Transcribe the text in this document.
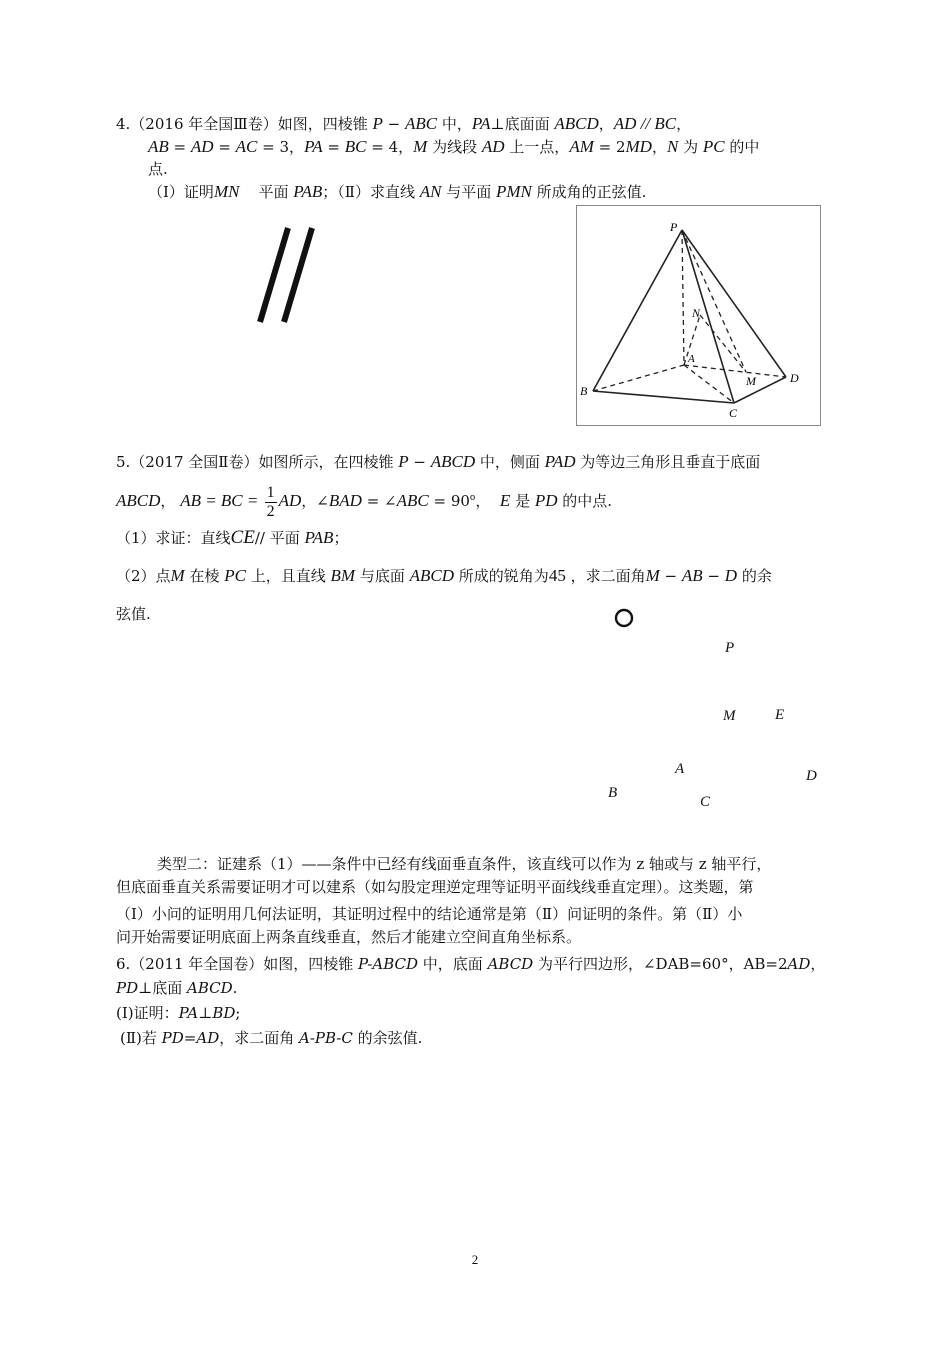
4.（2016 年全国Ⅲ卷）如图，四棱锥 P − ABC 中，PA⊥底面面 ABCD，AD // BC，
AB = AD = AC = 3，PA = BC = 4，M 为线段 AD 上一点，AM = 2MD，N 为 PC 的中
点.
（Ⅰ）证明MN    平面 PAB；（Ⅱ）求直线 AN 与平面 PMN 所成角的正弦值.
P
N
A
M	D
B
C
5.（2017 全国Ⅱ卷）如图所示，在四棱锥 P − ABCD 中，侧面 PAD 为等边三角形且垂直于底面
ABCD， AB = BC = $\frac{1}{2}$ AD，∠BAD = ∠ABC = $90^o$， E 是 PD 的中点.
（1）求证：直线CE// 平面 PAB；
（2）点M 在棱 PC 上，且直线 BM 与底面 ABCD 所成的锐角为45 ，求二面角M − AB − D 的余
弦值.
P
M	E
A	D
B
C
类型二：证建系（1）——条件中已经有线面垂直条件，该直线可以作为 z 轴或与 z 轴平行，
但底面垂直关系需要证明才可以建系（如勾股定理逆定理等证明平面线线垂直定理）。这类题，第
（Ⅰ）小问的证明用几何法证明，其证明过程中的结论通常是第（Ⅱ）问证明的条件。第（Ⅱ）小
问开始需要证明底面上两条直线垂直，然后才能建立空间直角坐标系。
6.（2011 年全国卷）如图，四棱锥 P-ABCD 中，底面 ABCD 为平行四边形，∠DAB=60°，AB=2AD，
PD⊥底面 ABCD.
(Ⅰ)证明：PA⊥BD;
(Ⅱ)若 PD=AD，求二面角 A-PB-C 的余弦值.
2
